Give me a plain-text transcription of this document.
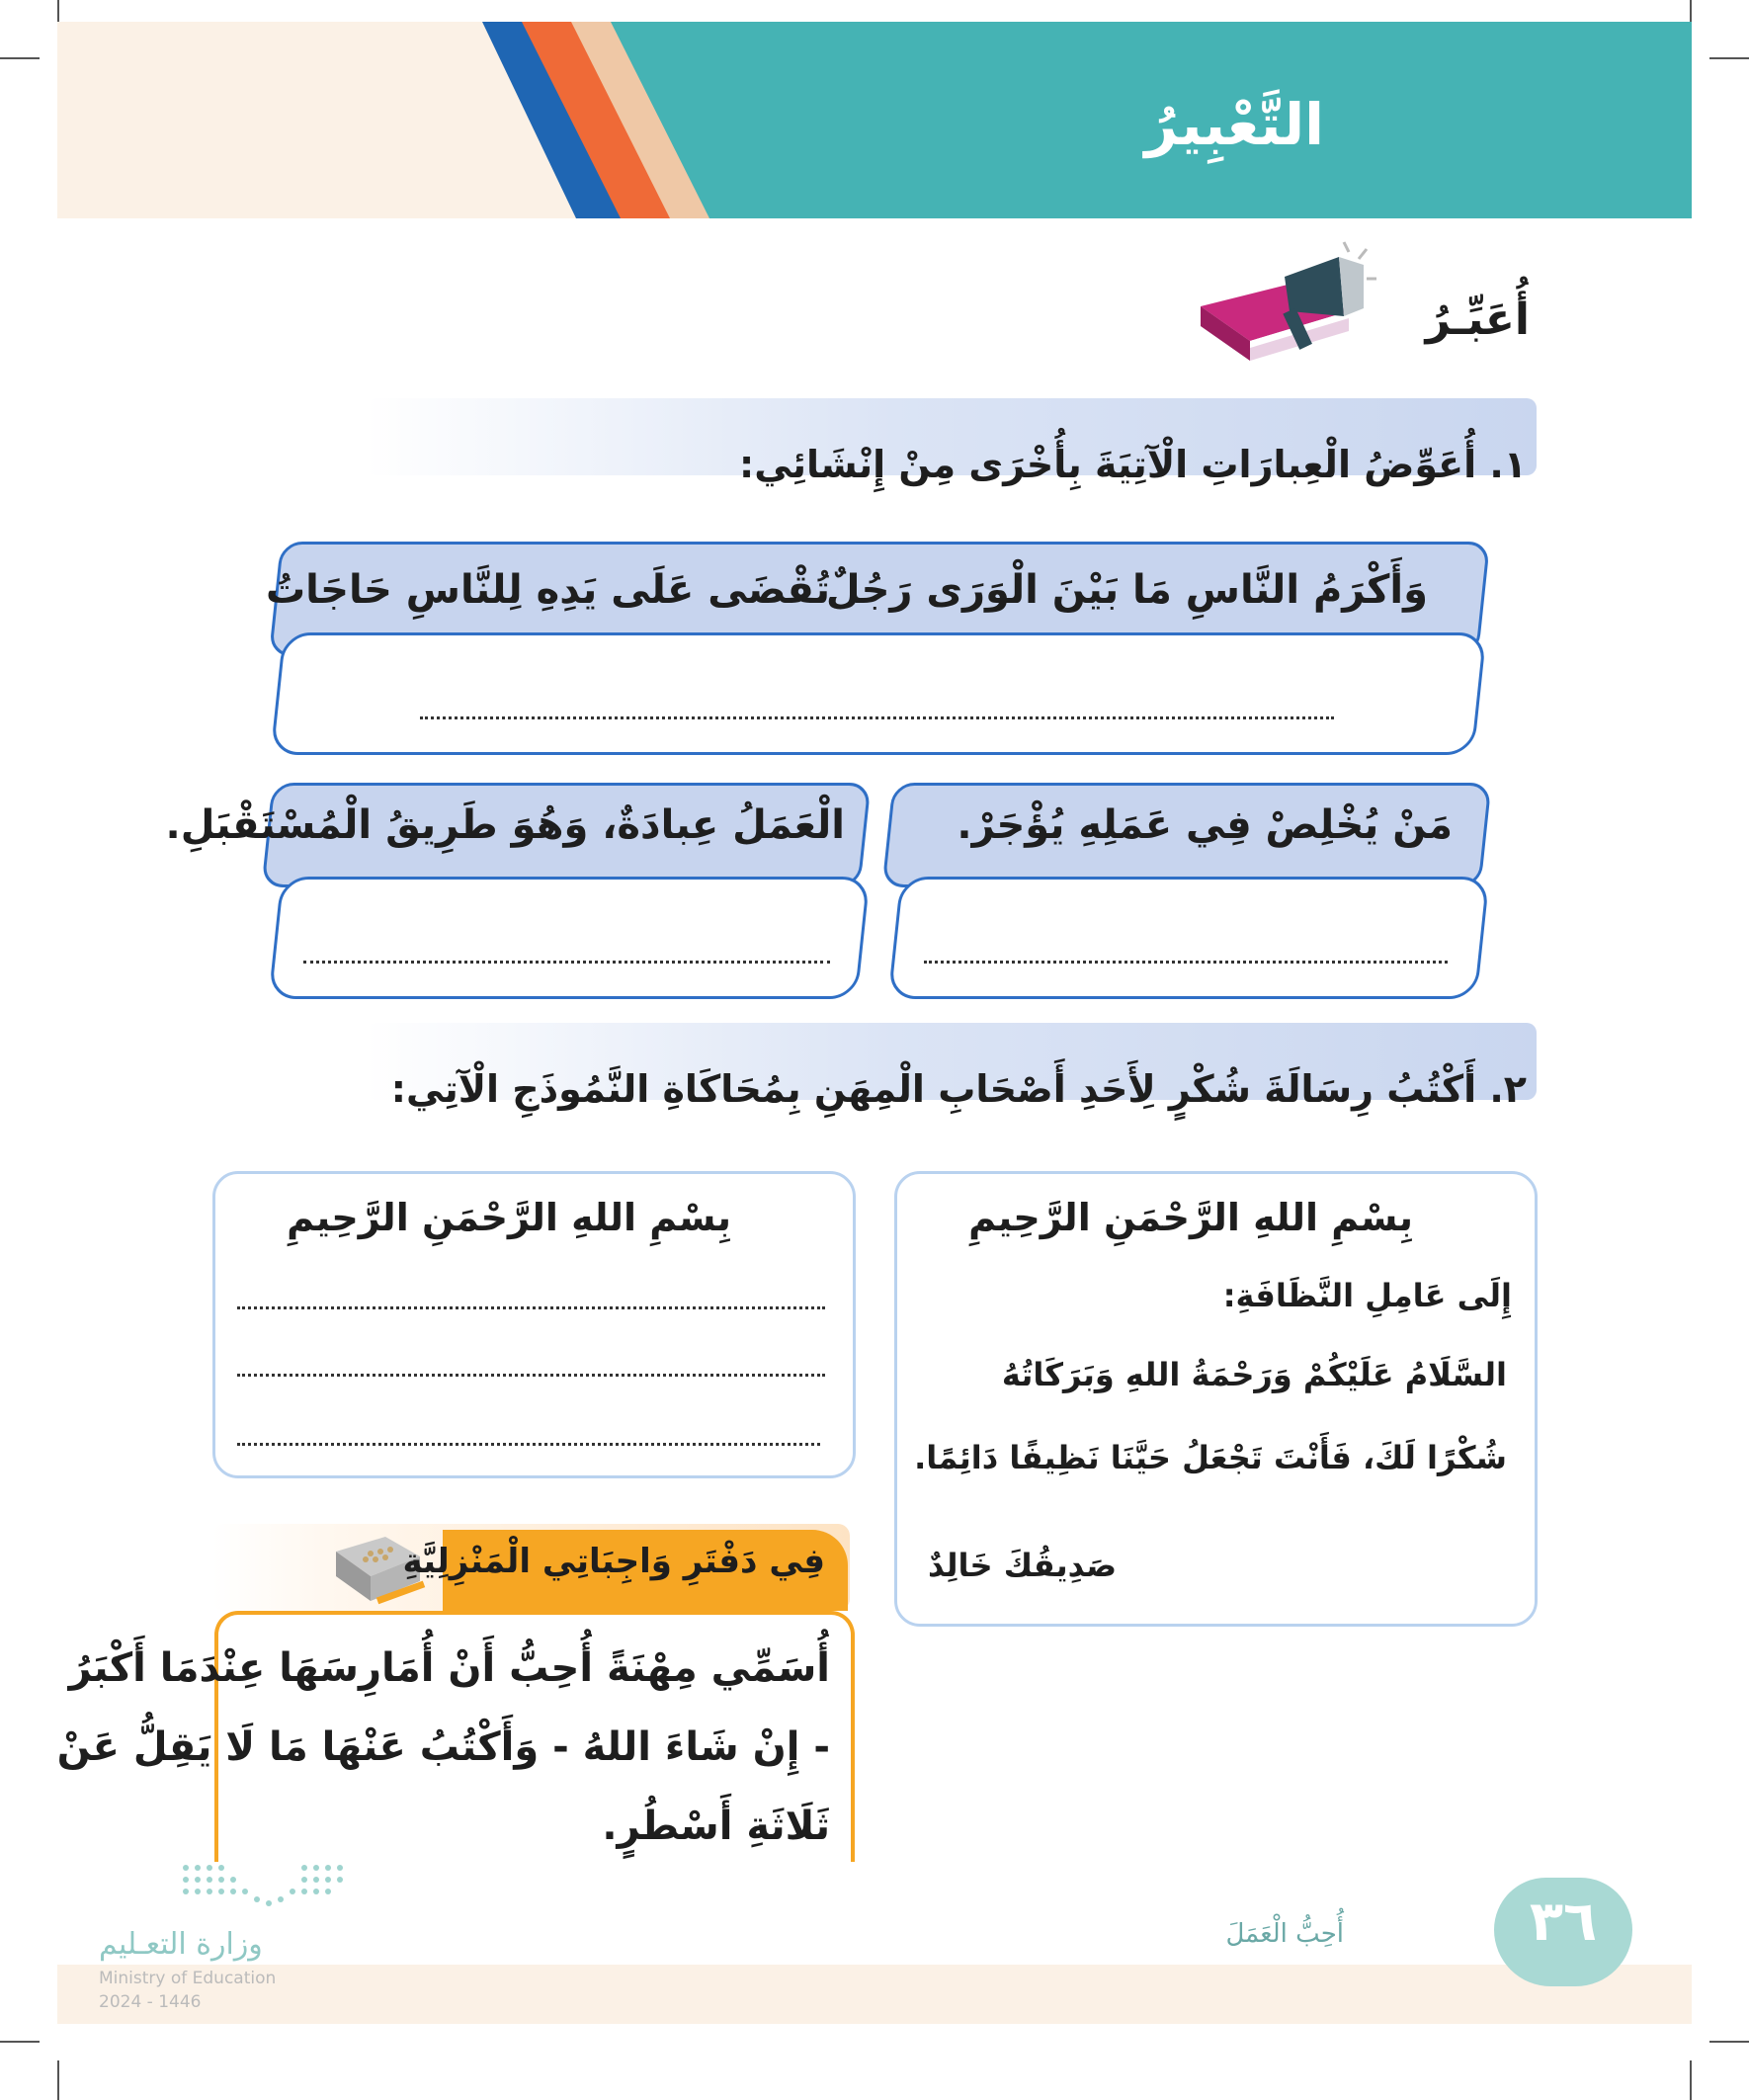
التَّعْبِيرُ
أُعَبِّـرُ
١. أُعَوِّضُ الْعِبارَاتِ الْآتِيَةَ بِأُخْرَى مِنْ إِنْشَائِي:
وَأَكْرَمُ النَّاسِ مَا بَيْنَ الْوَرَى رَجُلٌ
تُقْضَى عَلَى يَدِهِ لِلنَّاسِ حَاجَاتُ
مَنْ يُخْلِصْ فِي عَمَلِهِ يُؤْجَرْ.
الْعَمَلُ عِبادَةٌ، وَهُوَ طَرِيقُ الْمُسْتَقْبَلِ.
٢. أَكْتُبُ رِسَالَةَ شُكْرٍ لِأَحَدِ أَصْحَابِ الْمِهَنِ بِمُحَاكَاةِ النَّمُوذَجِ الْآتِي:
بِسْمِ اللهِ الرَّحْمَنِ الرَّحِيمِ
إِلَى عَامِلِ النَّظَافَةِ:
السَّلَامُ عَلَيْكُمْ وَرَحْمَةُ اللهِ وَبَرَكَاتُهُ
شُكْرًا لَكَ، فَأَنْتَ تَجْعَلُ حَيَّنَا نَظِيفًا دَائِمًا.
صَدِيقُكَ خَالِدٌ
بِسْمِ اللهِ الرَّحْمَنِ الرَّحِيمِ
فِي دَفْتَرِ وَاجِبَاتِي الْمَنْزِلِيَّةِ
أُسَمِّي مِهْنَةً أُحِبُّ أَنْ أُمَارِسَهَا عِنْدَمَا أَكْبَرُ
- إِنْ شَاءَ اللهُ - وَأَكْتُبُ عَنْهَا مَا لَا يَقِلُّ عَنْ
ثَلَاثَةِ أَسْطُرٍ.
٣٦
أُحِبُّ الْعَمَلَ
وزارة التعـليم
Ministry of Education
2024 - 1446
